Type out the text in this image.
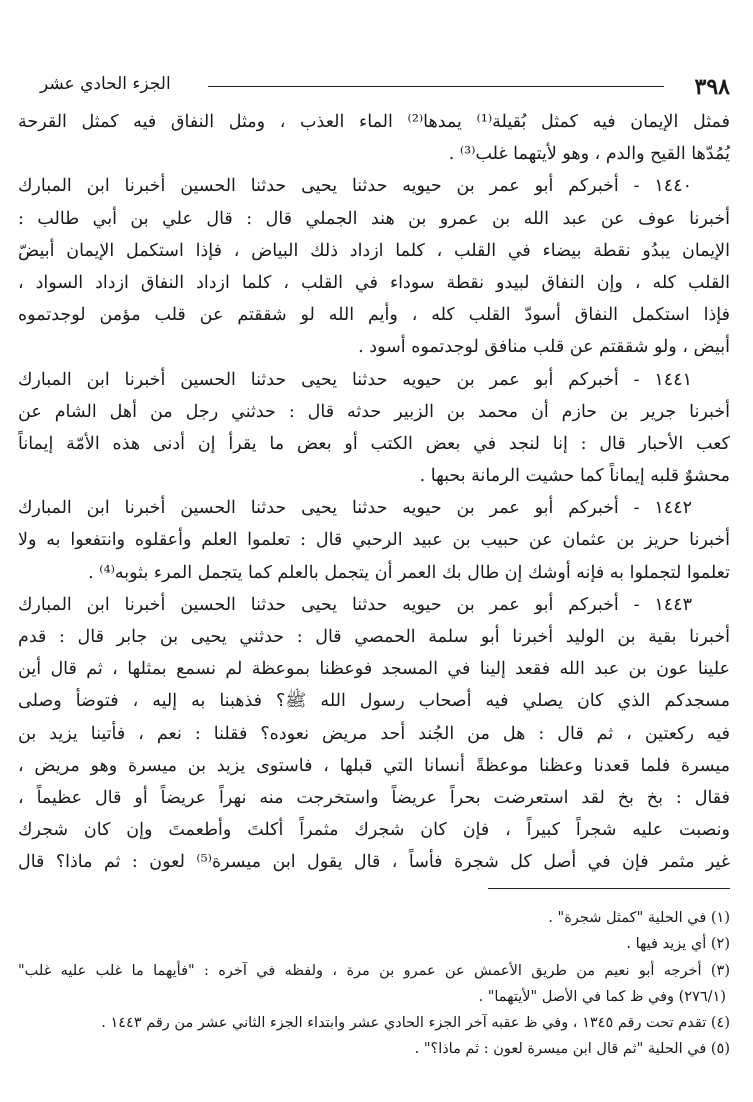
٣٩٨
الجزء الحادي عشر
فمثل الإيمان فيه كمثل بُقيلة⁽¹⁾ يمدها⁽²⁾ الماء العذب ، ومثل النفاق فيه كمثل القرحة
يُمُدّها القيح والدم ، وهو لأيتهما غلب⁽³⁾ .
١٤٤٠ - أخبركم أبو عمر بن حيويه حدثنا يحيى حدثنا الحسين أخبرنا ابن المبارك
أخبرنا عوف عن عبد الله بن عمرو بن هند الجملي قال : قال علي بن أبي طالب :
الإيمان يبدُو نقطة بيضاء في القلب ، كلما ازداد ذلك البياض ، فإذا استكمل الإيمان أبيضّ
القلب كله ، وإن النفاق لبيدو نقطة سوداء في القلب ، كلما ازداد النفاق ازداد السواد ،
فإذا استكمل النفاق أسودّ القلب كله ، وأيم الله لو شققتم عن قلب مؤمن لوجدتموه
أبيض ، ولو شققتم عن قلب منافق لوجدتموه أسود .
١٤٤١ - أخبركم أبو عمر بن حيويه حدثنا يحيى حدثنا الحسين أخبرنا ابن المبارك
أخبرنا جرير بن حازم أن محمد بن الزبير حدثه قال : حدثني رجل من أهل الشام عن
كعب الأحبار قال : إنا لنجد في بعض الكتب أو بعض ما يقرأ إن أدنى هذه الأمّة إيماناً
محشوٌ قلبه إيماناً كما حشيت الرمانة بحبها .
١٤٤٢ - أخبركم أبو عمر بن حيويه حدثنا يحيى حدثنا الحسين أخبرنا ابن المبارك
أخبرنا حريز بن عثمان عن حبيب بن عبيد الرحبي قال : تعلموا العلم وأعقلوه وانتفعوا به ولا
تعلموا لتجملوا به فإنه أوشك إن طال بك العمر أن يتجمل بالعلم كما يتجمل المرء بثوبه⁽⁴⁾ .
١٤٤٣ - أخبركم أبو عمر بن حيويه حدثنا يحيى حدثنا الحسين أخبرنا ابن المبارك
أخبرنا بقية بن الوليد أخبرنا أبو سلمة الحمصي قال : حدثني يحيى بن جابر قال : قدم
علينا عون بن عبد الله فقعد إلينا في المسجد فوعظنا بموعظة لم نسمع بمثلها ، ثم قال أين
مسجدكم الذي كان يصلي فيه أصحاب رسول الله ﷺ؟ فذهبنا به إليه ، فتوضأ وصلى
فيه ركعتين ، ثم قال : هل من الجُند أحد مريض نعوده؟ فقلنا : نعم ، فأتينا يزيد بن
ميسرة فلما قعدنا وعظنا موعظةً أنسانا التي قبلها ، فاستوى يزيد بن ميسرة وهو مريض ،
فقال : بخ بخ لقد استعرضت بحراً عريضاً واستخرجت منه نهراً عريضاً أو قال عظيماً ،
ونصبت عليه شجراً كبيراً ، فإن كان شجرك مثمراً أكلتَ وأطعمتَ وإن كان شجرك
غير مثمر فإن في أصل كل شجرة فأساً ، قال يقول ابن ميسرة⁽⁵⁾ لعون : ثم ماذا؟ قال
(١) في الحلية "كمثل شجرة" .
(٢) أي يزيد فيها .
(٣) أخرجه أبو نعيم من طريق الأعمش عن عمرو بن مرة ، ولفظه في آخره : "فأيهما ما غلب عليه غلب"
(٢٧٦/١) وفي ظ كما في الأصل "لأيتهما" .
(٤) تقدم تحت رقم ١٣٤٥ ، وفي ظ عقبه آخر الجزء الحادي عشر وابتداء الجزء الثاني عشر من رقم ١٤٤٣ .
(٥) في الحلية "ثم قال ابن ميسرة لعون : ثم ماذا؟" .
